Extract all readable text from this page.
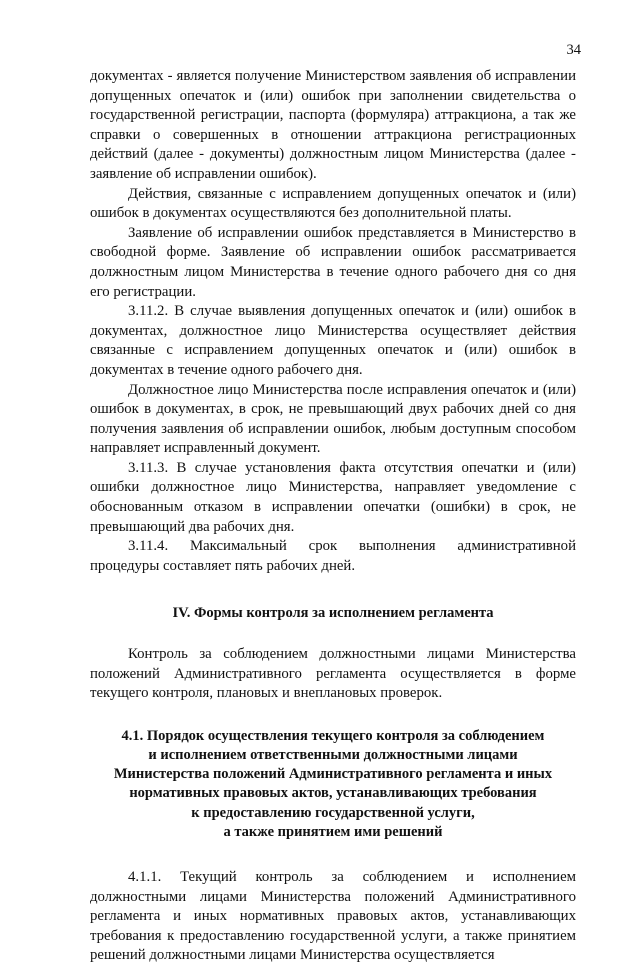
34

документах - является получение Министерством заявления об исправлении допущенных опечаток и (или) ошибок при заполнении свидетельства о государственной регистрации, паспорта (формуляра) аттракциона, а так же справки о совершенных в отношении аттракциона регистрационных действий (далее - документы) должностным лицом Министерства (далее - заявление об исправлении ошибок).

Действия, связанные с исправлением допущенных опечаток и (или) ошибок в документах осуществляются без дополнительной платы.

Заявление об исправлении ошибок представляется в Министерство в свободной форме. Заявление об исправлении ошибок рассматривается должностным лицом Министерства в течение одного рабочего дня со дня его регистрации.

3.11.2. В случае выявления допущенных опечаток и (или) ошибок в документах, должностное лицо Министерства осуществляет действия связанные с исправлением допущенных опечаток и (или) ошибок в документах в течение одного рабочего дня.

Должностное лицо Министерства после исправления опечаток и (или) ошибок в документах, в срок, не превышающий двух рабочих дней со дня получения заявления об исправлении ошибок, любым доступным способом направляет исправленный документ.

3.11.3. В случае установления факта отсутствия опечатки и (или) ошибки должностное лицо Министерства, направляет уведомление с обоснованным отказом в исправлении опечатки (ошибки) в срок, не превышающий два рабочих дня.

3.11.4. Максимальный срок выполнения административной процедуры составляет пять рабочих дней.

IV. Формы контроля за исполнением регламента

Контроль за соблюдением должностными лицами Министерства положений Административного регламента осуществляется в форме текущего контроля, плановых и внеплановых проверок.

4.1. Порядок осуществления текущего контроля за соблюдением
и исполнением ответственными должностными лицами
Министерства положений Административного регламента и иных
нормативных правовых актов, устанавливающих требования
к предоставлению государственной услуги,
а также принятием ими решений

4.1.1. Текущий контроль за соблюдением и исполнением должностными лицами Министерства положений Административного регламента и иных нормативных правовых актов, устанавливающих требования к предоставлению государственной услуги, а также принятием решений должностными лицами Министерства осуществляется
